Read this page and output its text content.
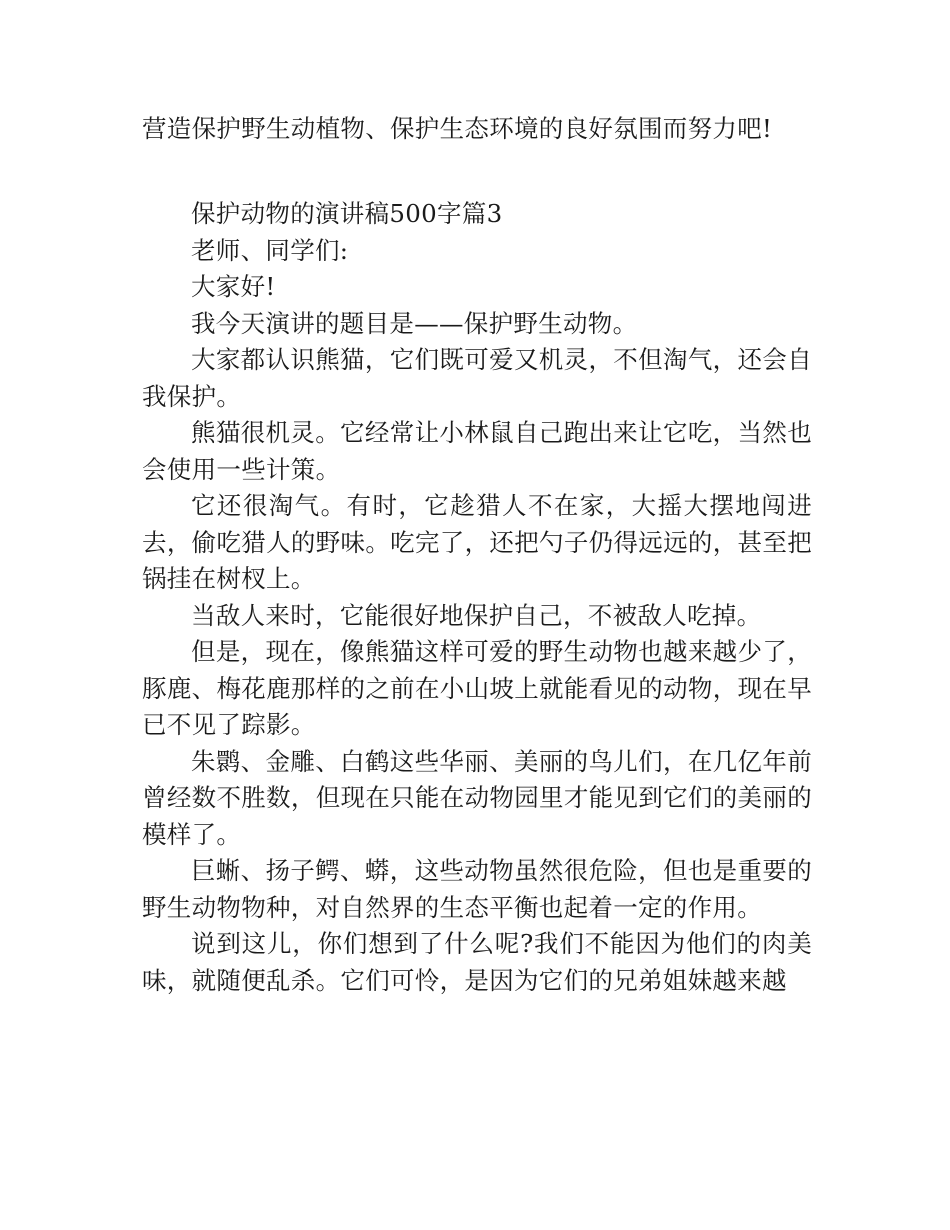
营造保护野生动植物、保护生态环境的良好氛围而努力吧!

保护动物的演讲稿500字篇3

老师、同学们:

大家好!

我今天演讲的题目是——保护野生动物。

大家都认识熊猫，它们既可爱又机灵，不但淘气，还会自我保护。

熊猫很机灵。它经常让小林鼠自己跑出来让它吃，当然也会使用一些计策。

它还很淘气。有时，它趁猎人不在家，大摇大摆地闯进去，偷吃猎人的野味。吃完了，还把勺子仍得远远的，甚至把锅挂在树杈上。

当敌人来时，它能很好地保护自己，不被敌人吃掉。

但是，现在，像熊猫这样可爱的野生动物也越来越少了，豚鹿、梅花鹿那样的之前在小山坡上就能看见的动物，现在早已不见了踪影。

朱鹮、金雕、白鹤这些华丽、美丽的鸟儿们，在几亿年前曾经数不胜数，但现在只能在动物园里才能见到它们的美丽的模样了。

巨蜥、扬子鳄、蟒，这些动物虽然很危险，但也是重要的野生动物物种，对自然界的生态平衡也起着一定的作用。

说到这儿，你们想到了什么呢?我们不能因为他们的肉美味，就随便乱杀。它们可怜，是因为它们的兄弟姐妹越来越
